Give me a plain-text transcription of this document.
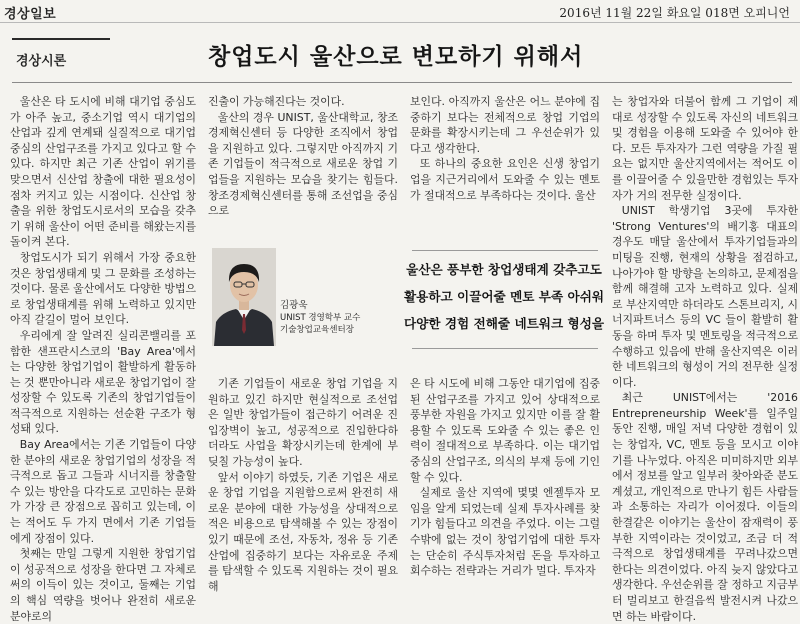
경상일보	2016년 11월 22일 화요일 018면 오피니언
경상시론	창업도시 울산으로 변모하기 위해서

울산은 타 도시에 비해 대기업 중심도가 아주 높고, 중소기업 역시 대기업의 산업과 깊게 연계돼 실질적으로 대기업 중심의 산업구조를 가지고 있다고 할 수 있다. 하지만 최근 기존 산업이 위기를 맞으면서 신산업 창출에 대한 필요성이 점차 커지고 있는 시점이다. 신산업 창출을 위한 창업도시로서의 모습을 갖추기 위해 울산이 어떤 준비를 해왔는지를 돌이켜 본다.

창업도시가 되기 위해서 가장 중요한 것은 창업생태계 및 그 문화를 조성하는 것이다. 물론 울산에서도 다양한 방법으로 창업생태계를 위해 노력하고 있지만 아직 갈길이 멀어 보인다.

우리에게 잘 알려진 실리콘밸리를 포함한 샌프란시스코의 'Bay Area'에서는 다양한 창업기업이 활발하게 활동하는 것 뿐만아니라 새로운 창업기업이 잘 성장할 수 있도록 기존의 창업기업들이 적극적으로 지원하는 선순환 구조가 형성돼 있다.

Bay Area에서는 기존 기업들이 다양한 분야의 새로운 창업기업의 성장을 적극적으로 돕고 그들과 시너지를 창출할 수 있는 방안을 다각도로 고민하는 문화가 가장 큰 장점으로 꼽히고 있는데, 이는 적어도 두 가지 면에서 기존 기업들에게 장점이 있다.

첫째는 만일 그렇게 지원한 창업기업이 성공적으로 성장을 한다면 그 자체로써의 이득이 있는 것이고, 둘째는 기업의 핵심 역량을 벗어나 완전히 새로운 분야로의

진출이 가능해진다는 것이다.

울산의 경우 UNIST, 울산대학교, 창조경제혁신센터 등 다양한 조직에서 창업을 지원하고 있다. 그렇지만 아직까지 기존 기업들이 적극적으로 새로운 창업 기업들을 지원하는 모습을 찾기는 힘들다. 창조경제혁신센터를 통해 조선업을 중심으로

보인다. 아직까지 울산은 어느 분야에 집중하기 보다는 전체적으로 창업 기업의 문화를 확장시키는데 그 우선순위가 있다고 생각한다.

또 하나의 중요한 요인은 신생 창업기업을 지근거리에서 도와줄 수 있는 멘토가 절대적으로 부족하다는 것이다. 울산

김광욱
UNIST 경영학부 교수
기술창업교육센터장
울산은 풍부한 창업생태계 갖추고도
활용하고 이끌어줄 멘토 부족 아쉬워
다양한 경험 전해줄 네트워크 형성을

기존 기업들이 새로운 창업 기업을 지원하고 있긴 하지만 현실적으로 조선업은 일반 창업가들이 접근하기 어려운 진입장벽이 높고, 성공적으로 진입한다하더라도 사업을 확장시키는데 한계에 부딪칠 가능성이 높다.

앞서 이야기 하였듯, 기존 기업은 새로운 창업 기업을 지원함으로써 완전히 새로운 분야에 대한 가능성을 상대적으로 적은 비용으로 탐색해볼 수 있는 장점이 있기 때문에 조선, 자동차, 정유 등 기존 산업에 집중하기 보다는 자유로운 주제를 탐색할 수 있도록 지원하는 것이 필요해

은 타 시도에 비해 그동안 대기업에 집중된 산업구조를 가지고 있어 상대적으로 풍부한 자원을 가지고 있지만 이를 잘 활용할 수 있도록 도와줄 수 있는 좋은 인력이 절대적으로 부족하다. 이는 대기업 중심의 산업구조, 의식의 부재 등에 기인할 수 있다.

실제로 울산 지역에 몇몇 엔젤투자 모임을 알게 되었는데 실제 투자사례를 찾기가 힘들다고 의견을 주었다. 이는 그럴 수밖에 없는 것이 창업기업에 대한 투자는 단순히 주식투자처럼 돈을 투자하고 회수하는 전략과는 거리가 멀다. 투자자

는 창업자와 더불어 함께 그 기업이 제대로 성장할 수 있도록 자신의 네트워크 및 경험을 이용해 도와줄 수 있어야 한다. 모든 투자자가 그런 역량을 가질 필요는 없지만 울산지역에서는 적어도 이를 이끌어줄 수 있을만한 경험있는 투자자가 거의 전무한 실정이다.

UNIST 학생기업 3곳에 투자한 'Strong Ventures'의 배기홍 대표의 경우도 매달 울산에서 투자기업들과의 미팅을 진행, 현재의 상황을 점검하고, 나아가야 할 방향을 논의하고, 문제점을 함께 해결해 고자 노력하고 있다. 실제로 부산지역만 하더라도 스톤브리지, 시너지파트너스 등의 VC 들이 활발히 활동을 하며 투자 및 멘토링을 적극적으로 수행하고 있음에 반해 울산지역은 이러한 네트워크의 형성이 거의 전무한 실정이다.

최근 UNIST에서는 '2016 Entrepreneurship Week'를 일주일 동안 진행, 매일 저녁 다양한 경험이 있는 창업자, VC, 멘토 등을 모시고 이야기를 나누었다. 아직은 미미하지만 외부에서 정보를 알고 일부러 찾아와준 분도 계셨고, 개인적으로 만나기 힘든 사람들과 소통하는 자리가 이어졌다. 이들의 한결같은 이야기는 울산이 잠재력이 풍부한 지역이라는 것이었고, 조금 더 적극적으로 창업생태계를 꾸려나갔으면 한다는 의견이었다. 아직 늦지 않았다고 생각한다. 우선순위를 잘 정하고 지금부터 멀리보고 한걸음씩 발전시켜 나갔으면 하는 바람이다.
